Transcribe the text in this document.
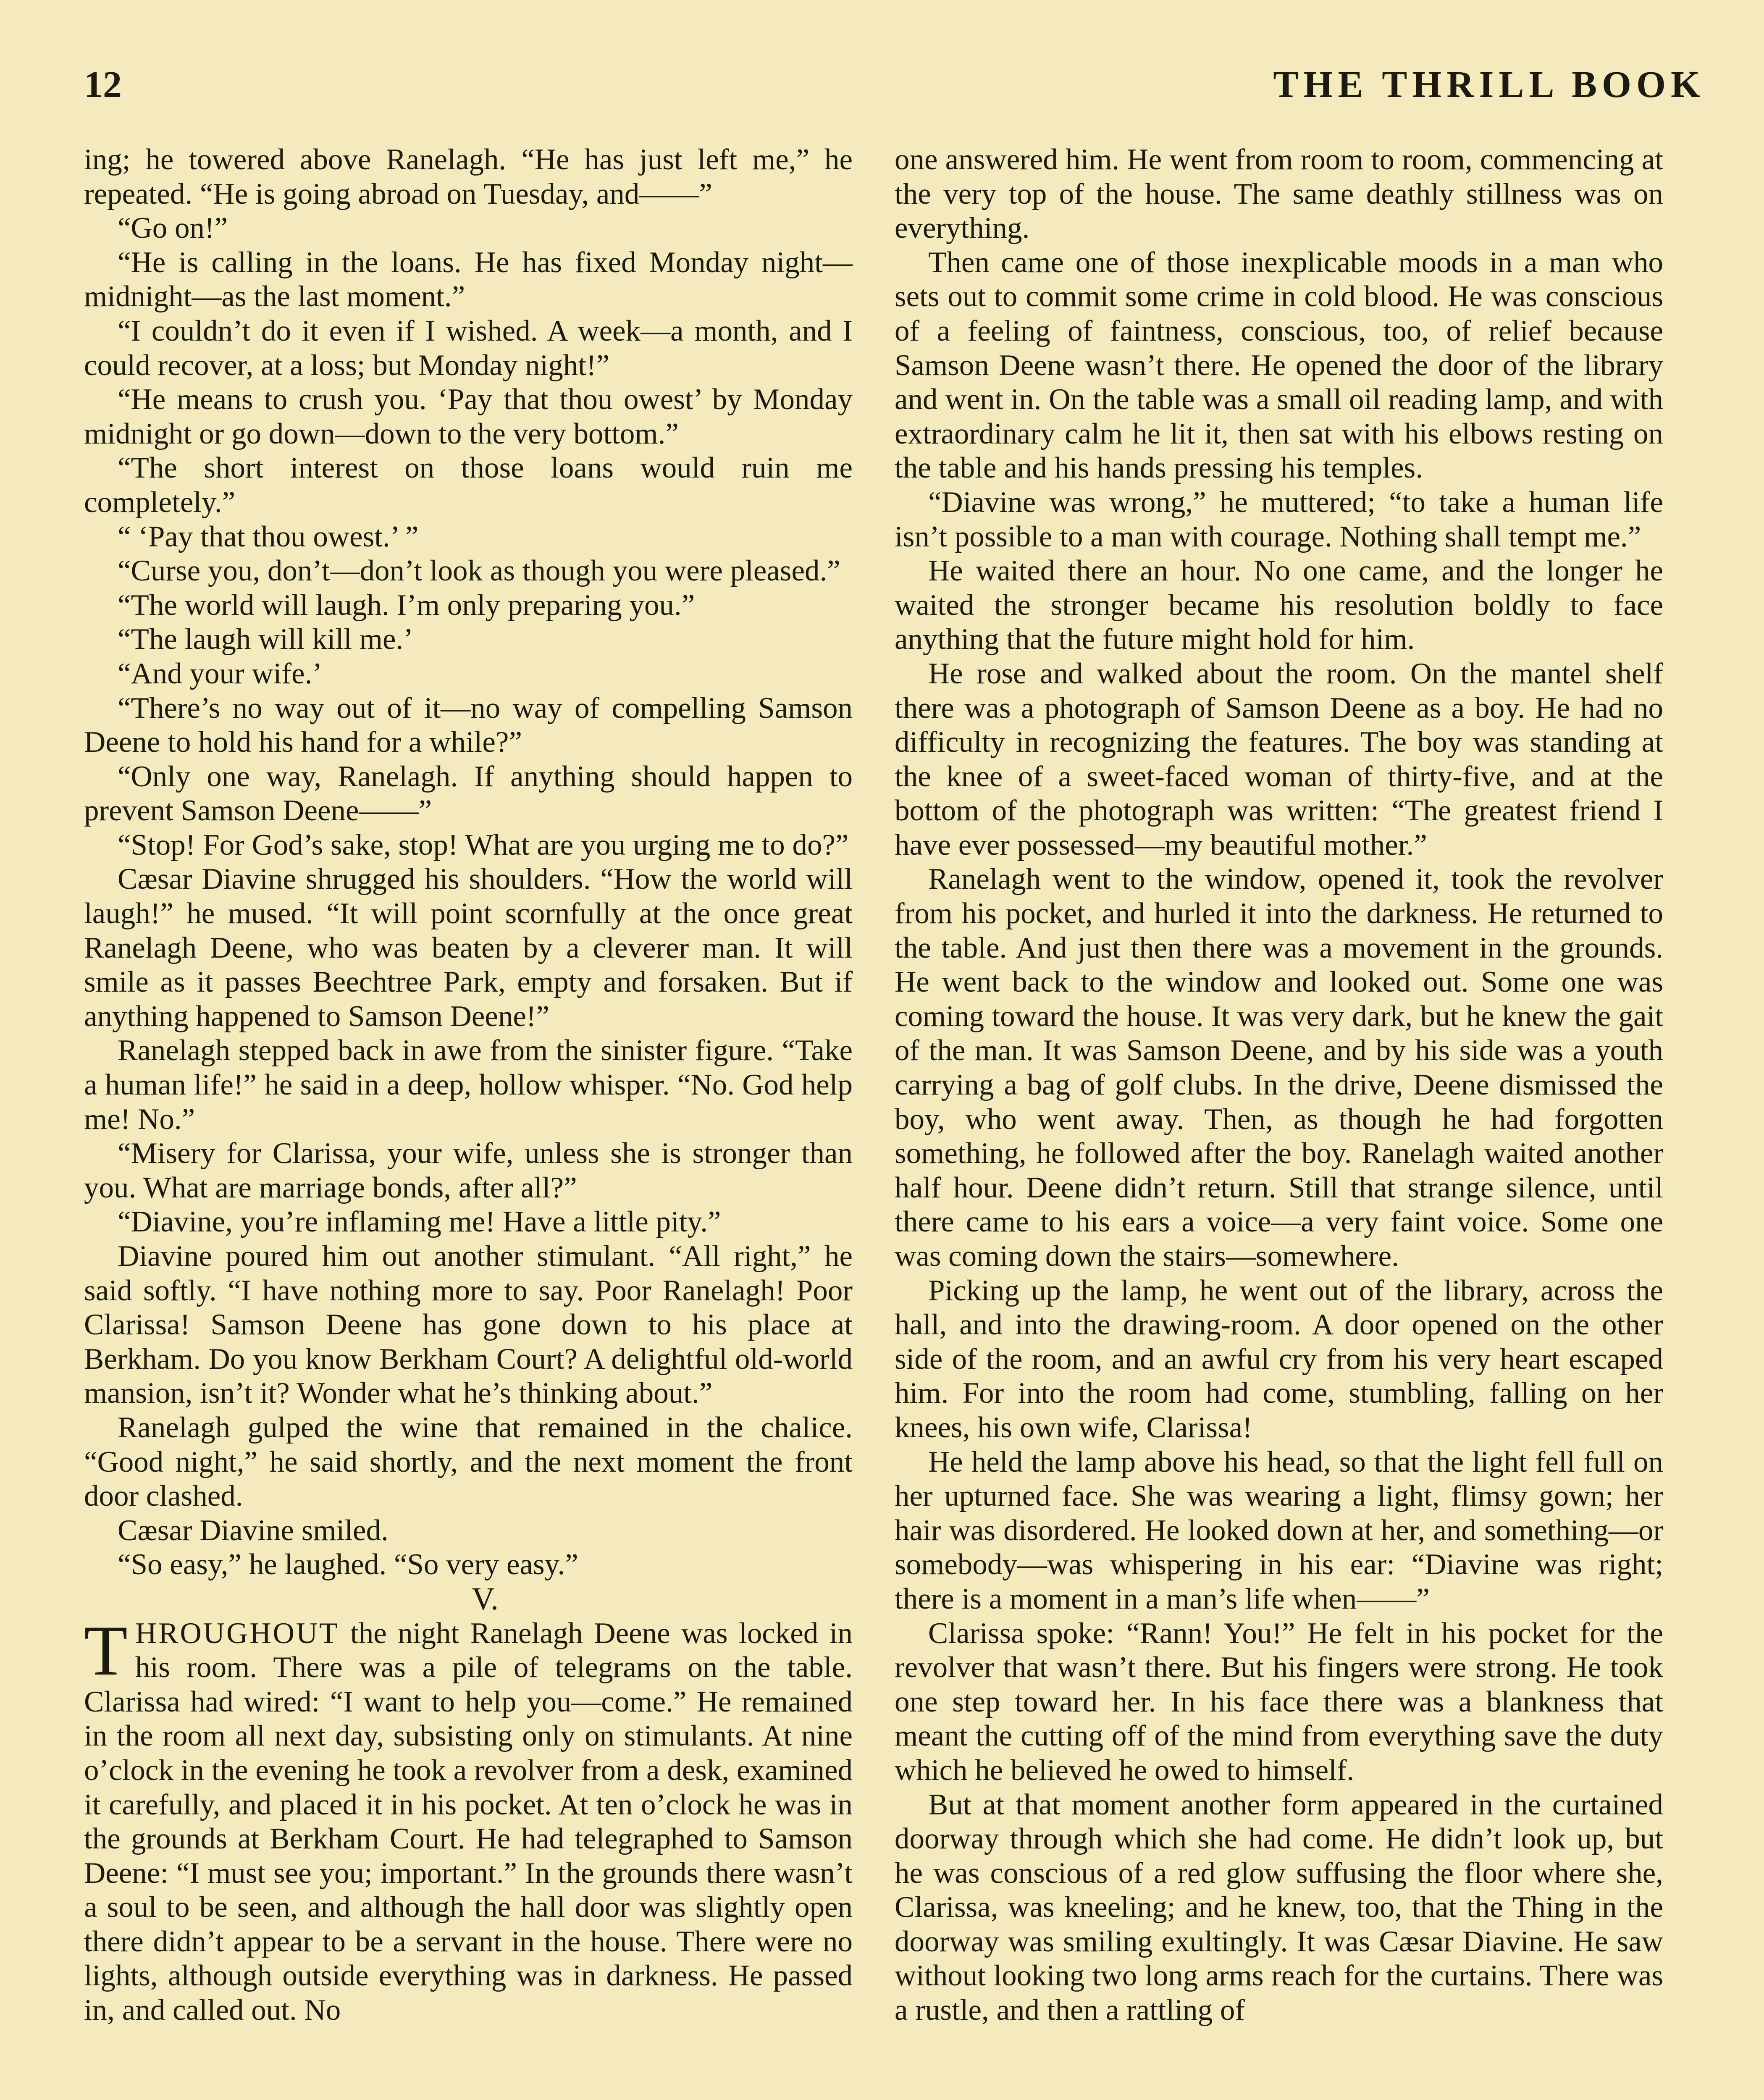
12	THE THRILL BOOK

ing; he towered above Ranelagh. “He has just left me,” he repeated. “He is going abroad on Tuesday, and——”

“Go on!”

“He is calling in the loans. He has fixed Monday night—midnight—as the last moment.”

“I couldn’t do it even if I wished. A week—a month, and I could recover, at a loss; but Monday night!”

“He means to crush you. ‘Pay that thou owest’ by Monday midnight or go down—down to the very bottom.”

“The short interest on those loans would ruin me completely.”

“ ‘Pay that thou owest.’ ”

“Curse you, don’t—don’t look as though you were pleased.”

“The world will laugh. I’m only preparing you.”

“The laugh will kill me.’

“And your wife.’

“There’s no way out of it—no way of compelling Samson Deene to hold his hand for a while?”

“Only one way, Ranelagh. If anything should happen to prevent Samson Deene——”

“Stop! For God’s sake, stop! What are you urging me to do?”

Cæsar Diavine shrugged his shoulders. “How the world will laugh!” he mused. “It will point scornfully at the once great Ranelagh Deene, who was beaten by a cleverer man. It will smile as it passes Beechtree Park, empty and forsaken. But if anything happened to Samson Deene!”

Ranelagh stepped back in awe from the sinister figure. “Take a human life!” he said in a deep, hollow whisper. “No. God help me! No.”

“Misery for Clarissa, your wife, unless she is stronger than you. What are marriage bonds, after all?”

“Diavine, you’re inflaming me! Have a little pity.”

Diavine poured him out another stimulant. “All right,” he said softly. “I have nothing more to say. Poor Ranelagh! Poor Clarissa! Samson Deene has gone down to his place at Berkham. Do you know Berkham Court? A delightful old-world mansion, isn’t it? Wonder what he’s thinking about.”

Ranelagh gulped the wine that remained in the chalice. “Good night,” he said shortly, and the next moment the front door clashed.

Cæsar Diavine smiled.

“So easy,” he laughed. “So very easy.”

V.

THROUGHOUT the night Ranelagh Deene was locked in his room. There was a pile of telegrams on the table. Clarissa had wired: “I want to help you—come.” He remained in the room all next day, subsisting only on stimulants. At nine o’clock in the evening he took a revolver from a desk, examined it carefully, and placed it in his pocket. At ten o’clock he was in the grounds at Berkham Court. He had telegraphed to Samson Deene: “I must see you; important.” In the grounds there wasn’t a soul to be seen, and although the hall door was slightly open there didn’t appear to be a servant in the house. There were no lights, although outside everything was in darkness. He passed in, and called out. No

one answered him. He went from room to room, commencing at the very top of the house. The same deathly stillness was on everything.

Then came one of those inexplicable moods in a man who sets out to commit some crime in cold blood. He was conscious of a feeling of faintness, conscious, too, of relief because Samson Deene wasn’t there. He opened the door of the library and went in. On the table was a small oil reading lamp, and with extraordinary calm he lit it, then sat with his elbows resting on the table and his hands pressing his temples.

“Diavine was wrong,” he muttered; “to take a human life isn’t possible to a man with courage. Nothing shall tempt me.”

He waited there an hour. No one came, and the longer he waited the stronger became his resolution boldly to face anything that the future might hold for him.

He rose and walked about the room. On the mantel shelf there was a photograph of Samson Deene as a boy. He had no difficulty in recognizing the features. The boy was standing at the knee of a sweet-faced woman of thirty-five, and at the bottom of the photograph was written: “The greatest friend I have ever possessed—my beautiful mother.”

Ranelagh went to the window, opened it, took the revolver from his pocket, and hurled it into the darkness. He returned to the table. And just then there was a movement in the grounds. He went back to the window and looked out. Some one was coming toward the house. It was very dark, but he knew the gait of the man. It was Samson Deene, and by his side was a youth carrying a bag of golf clubs. In the drive, Deene dismissed the boy, who went away. Then, as though he had forgotten something, he followed after the boy. Ranelagh waited another half hour. Deene didn’t return. Still that strange silence, until there came to his ears a voice—a very faint voice. Some one was coming down the stairs—somewhere.

Picking up the lamp, he went out of the library, across the hall, and into the drawing-room. A door opened on the other side of the room, and an awful cry from his very heart escaped him. For into the room had come, stumbling, falling on her knees, his own wife, Clarissa!

He held the lamp above his head, so that the light fell full on her upturned face. She was wearing a light, flimsy gown; her hair was disordered. He looked down at her, and something—or somebody—was whispering in his ear: “Diavine was right; there is a moment in a man’s life when——”

Clarissa spoke: “Rann! You!” He felt in his pocket for the revolver that wasn’t there. But his fingers were strong. He took one step toward her. In his face there was a blankness that meant the cutting off of the mind from everything save the duty which he believed he owed to himself.

But at that moment another form appeared in the curtained doorway through which she had come. He didn’t look up, but he was conscious of a red glow suffusing the floor where she, Clarissa, was kneeling; and he knew, too, that the Thing in the doorway was smiling exultingly. It was Cæsar Diavine. He saw without looking two long arms reach for the curtains. There was a rustle, and then a rattling of
